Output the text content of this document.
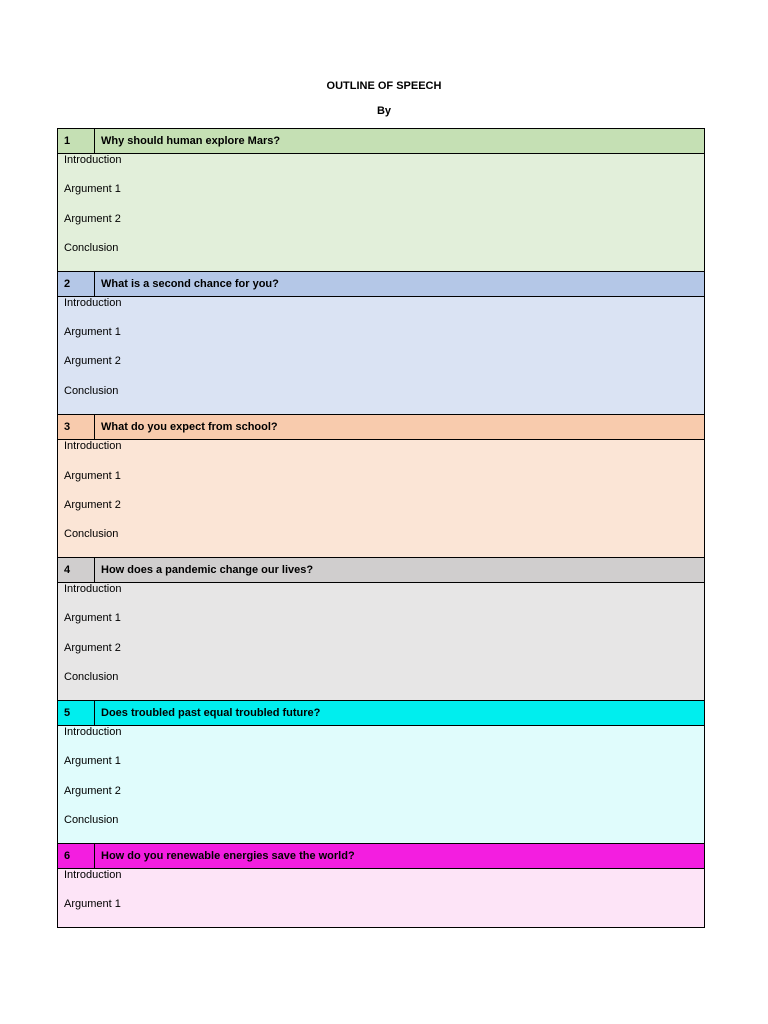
OUTLINE OF SPEECH
By
1	Why should human explore Mars?
Introduction
Argument 1
Argument 2
Conclusion
2	What is a second chance for you?
Introduction
Argument 1
Argument 2
Conclusion
3	What do you expect from school?
Introduction
Argument 1
Argument 2
Conclusion
4	How does a pandemic change our lives?
Introduction
Argument 1
Argument 2
Conclusion
5	Does troubled past equal troubled future?
Introduction
Argument 1
Argument 2
Conclusion
6	How do you renewable energies save the world?
Introduction
Argument 1
